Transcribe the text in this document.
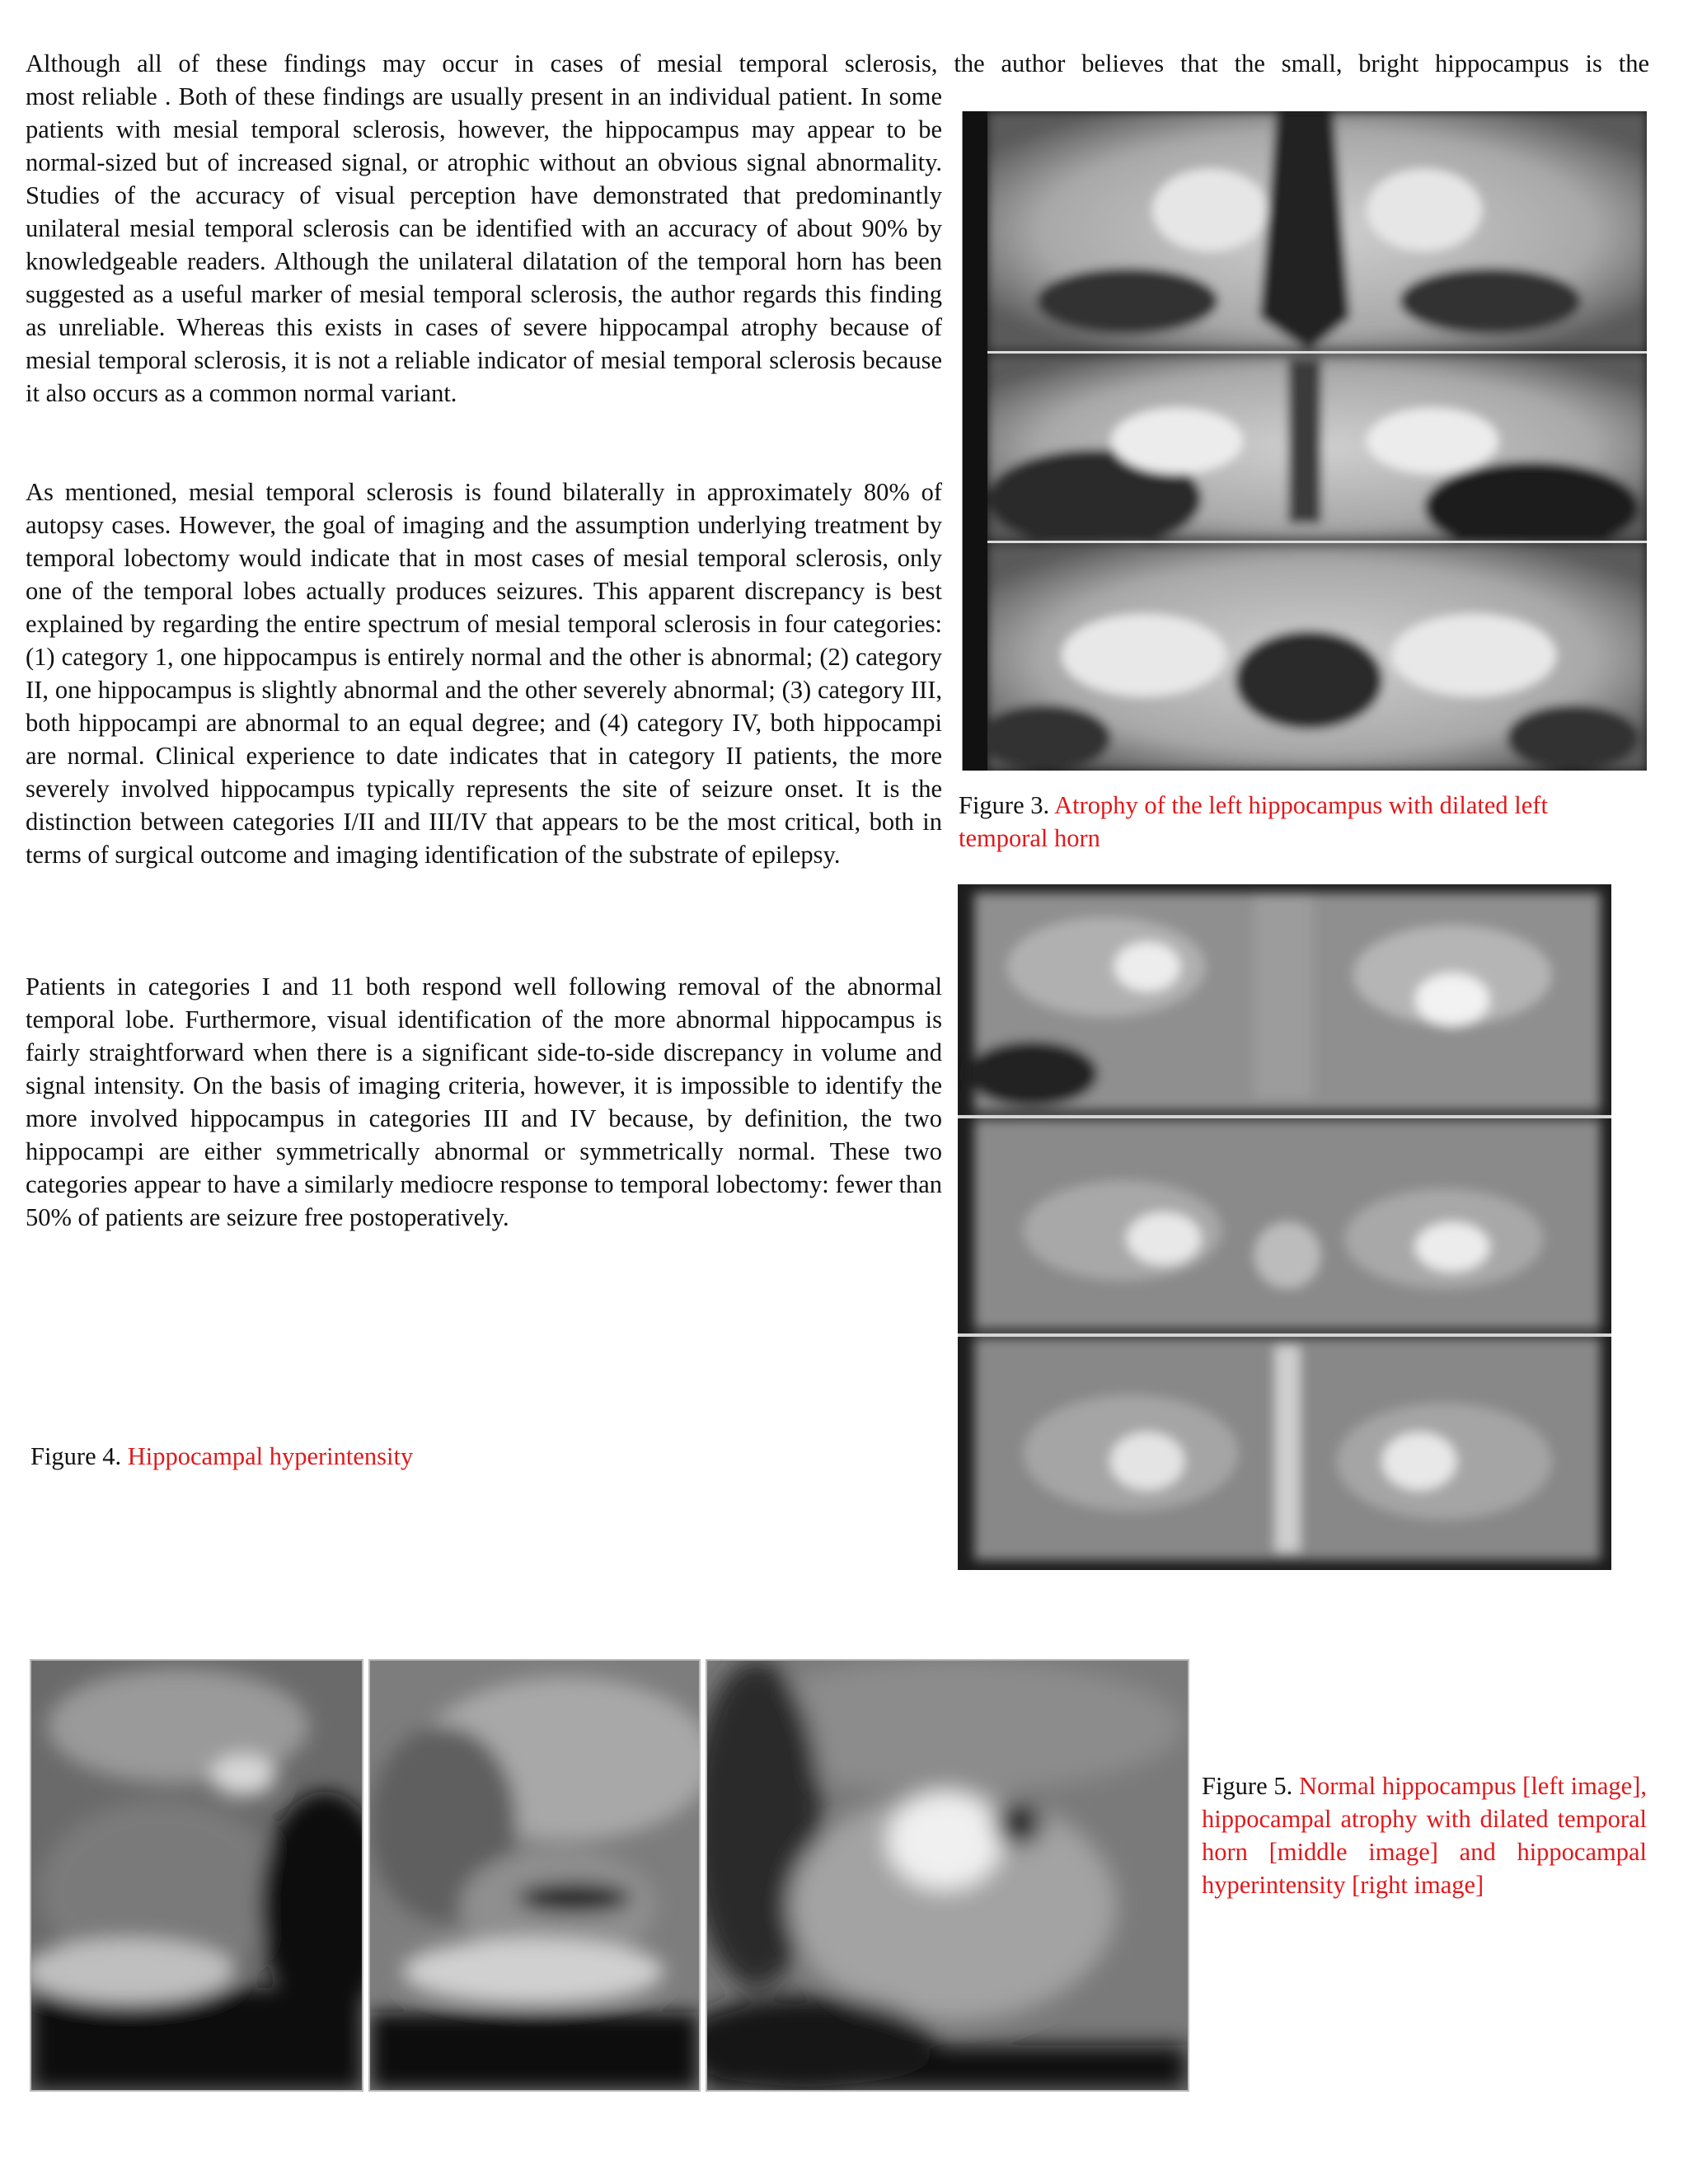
Although all of these findings may occur in cases of mesial temporal sclerosis, the author believes that the small, bright hippocampus is the

most reliable . Both of these findings are usually present in an individual patient. In some patients with mesial temporal sclerosis, however, the hippocampus may appear to be normal-sized but of increased signal, or atrophic without an obvious signal abnormality. Studies of the accuracy of visual perception have demonstrated that predominantly unilateral mesial temporal sclerosis can be identified with an accuracy of about 90% by knowledgeable readers. Although the unilateral dilatation of the temporal horn has been suggested as a useful marker of mesial temporal sclerosis, the author regards this finding as unreliable. Whereas this exists in cases of severe hippocampal atrophy because of mesial temporal sclerosis, it is not a reliable indicator of mesial temporal sclerosis because it also occurs as a common normal variant.

As mentioned, mesial temporal sclerosis is found bilaterally in approximately 80% of autopsy cases. However, the goal of imaging and the assumption underlying treatment by temporal lobectomy would indicate that in most cases of mesial temporal sclerosis, only one of the temporal lobes actually produces seizures. This apparent discrepancy is best explained by regarding the entire spectrum of mesial temporal sclerosis in four categories: (1) category 1, one hippocampus is entirely normal and the other is abnormal; (2) category II, one hippocampus is slightly abnormal and the other severely abnormal; (3) category III, both hippocampi are abnormal to an equal degree; and (4) category IV, both hippocampi are normal. Clinical experience to date indicates that in category II patients, the more severely involved hippocampus typically represents the site of seizure onset. It is the distinction between categories I/II and III/IV that appears to be the most critical, both in terms of surgical outcome and imaging identification of the substrate of epilepsy.

Patients in categories I and 11 both respond well following removal of the abnormal temporal lobe. Furthermore, visual identification of the more abnormal hippocampus is fairly straightforward when there is a significant side-to-side discrepancy in volume and signal intensity. On the basis of imaging criteria, however, it is impossible to identify the more involved hippocampus in categories III and IV because, by definition, the two hippocampi are either symmetrically abnormal or symmetrically normal. These two categories appear to have a similarly mediocre response to temporal lobectomy: fewer than 50% of patients are seizure free postoperatively.

Figure 3. Atrophy of the left hippocampus with dilated left temporal horn

Figure 4. Hippocampal hyperintensity

Figure 5. Normal hippocampus [left image], hippocampal atrophy with dilated temporal horn [middle image] and hippocampal hyperintensity [right image]
